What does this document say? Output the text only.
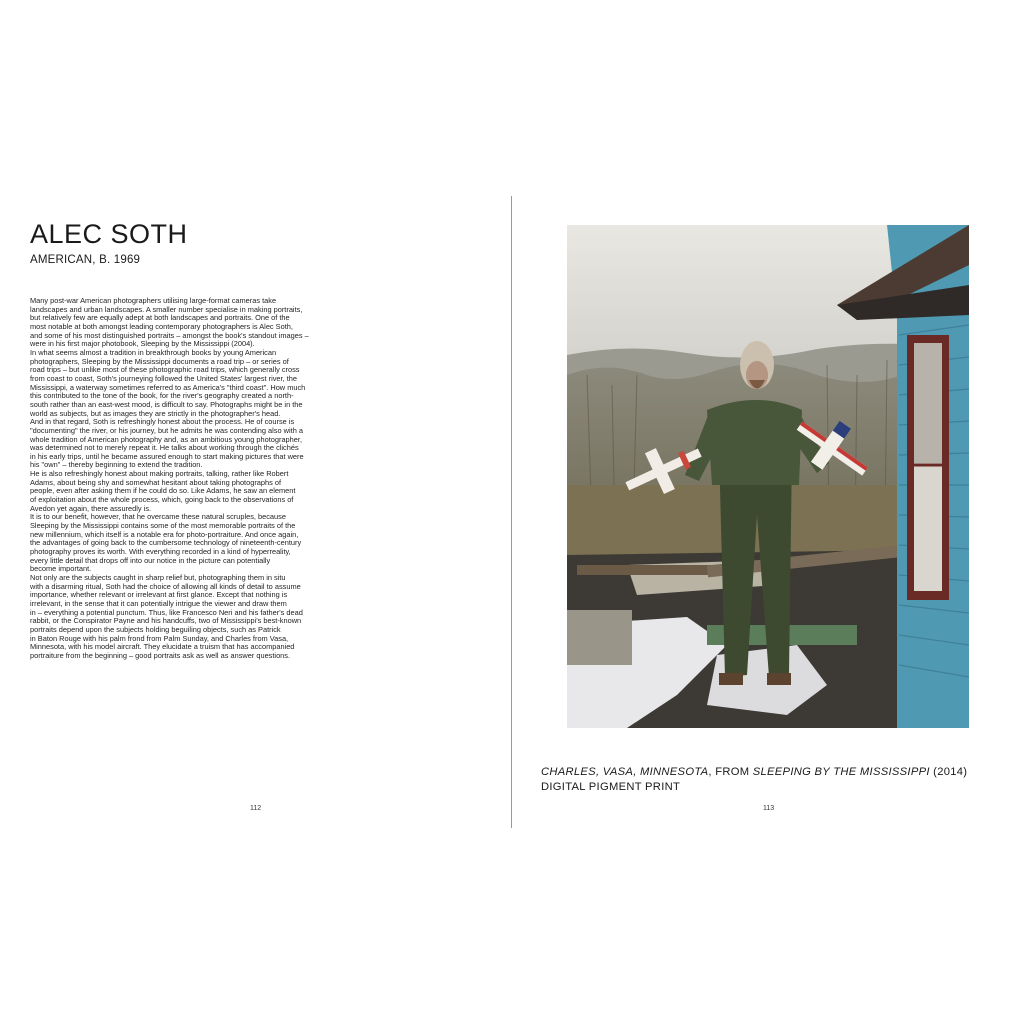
ALEC SOTH
AMERICAN, B. 1969
Many post-war American photographers utilising large-format cameras take
landscapes and urban landscapes. A smaller number specialise in making portraits,
but relatively few are equally adept at both landscapes and portraits. One of the
most notable at both amongst leading contemporary photographers is Alec Soth,
and some of his most distinguished portraits – amongst the book's standout images –
were in his first major photobook, Sleeping by the Mississippi (2004).
In what seems almost a tradition in breakthrough books by young American
photographers, Sleeping by the Mississippi documents a road trip – or series of
road trips – but unlike most of these photographic road trips, which generally cross
from coast to coast, Soth's journeying followed the United States' largest river, the
Mississippi, a waterway sometimes referred to as America's "third coast". How much
this contributed to the tone of the book, for the river's geography created a north-
south rather than an east-west mood, is difficult to say. Photographs might be in the
world as subjects, but as images they are strictly in the photographer's head.
And in that regard, Soth is refreshingly honest about the process. He of course is
"documenting" the river, or his journey, but he admits he was contending also with a
whole tradition of American photography and, as an ambitious young photographer,
was determined not to merely repeat it. He talks about working through the clichés
in his early trips, until he became assured enough to start making pictures that were
his "own" – thereby beginning to extend the tradition.
He is also refreshingly honest about making portraits, talking, rather like Robert
Adams, about being shy and somewhat hesitant about taking photographs of
people, even after asking them if he could do so. Like Adams, he saw an element
of exploitation about the whole process, which, going back to the observations of
Avedon yet again, there assuredly is.
It is to our benefit, however, that he overcame these natural scruples, because
Sleeping by the Mississippi contains some of the most memorable portraits of the
new millennium, which itself is a notable era for photo-portraiture. And once again,
the advantages of going back to the cumbersome technology of nineteenth-century
photography proves its worth. With everything recorded in a kind of hyperreality,
every little detail that drops off into our notice in the picture can potentially
become important.
Not only are the subjects caught in sharp relief but, photographing them in situ
with a disarming ritual, Soth had the choice of allowing all kinds of detail to assume
importance, whether relevant or irrelevant at first glance. Except that nothing is
irrelevant, in the sense that it can potentially intrigue the viewer and draw them
in – everything a potential punctum. Thus, like Francesco Neri and his father's dead
rabbit, or the Conspirator Payne and his handcuffs, two of Mississippi's best-known
portraits depend upon the subjects holding beguiling objects, such as Patrick
in Baton Rouge with his palm frond from Palm Sunday, and Charles from Vasa,
Minnesota, with his model aircraft. They elucidate a truism that has accompanied
portraiture from the beginning – good portraits ask as well as answer questions.
112
CHARLES, VASA, MINNESOTA, FROM SLEEPING BY THE MISSISSIPPI (2014)
DIGITAL PIGMENT PRINT
113
